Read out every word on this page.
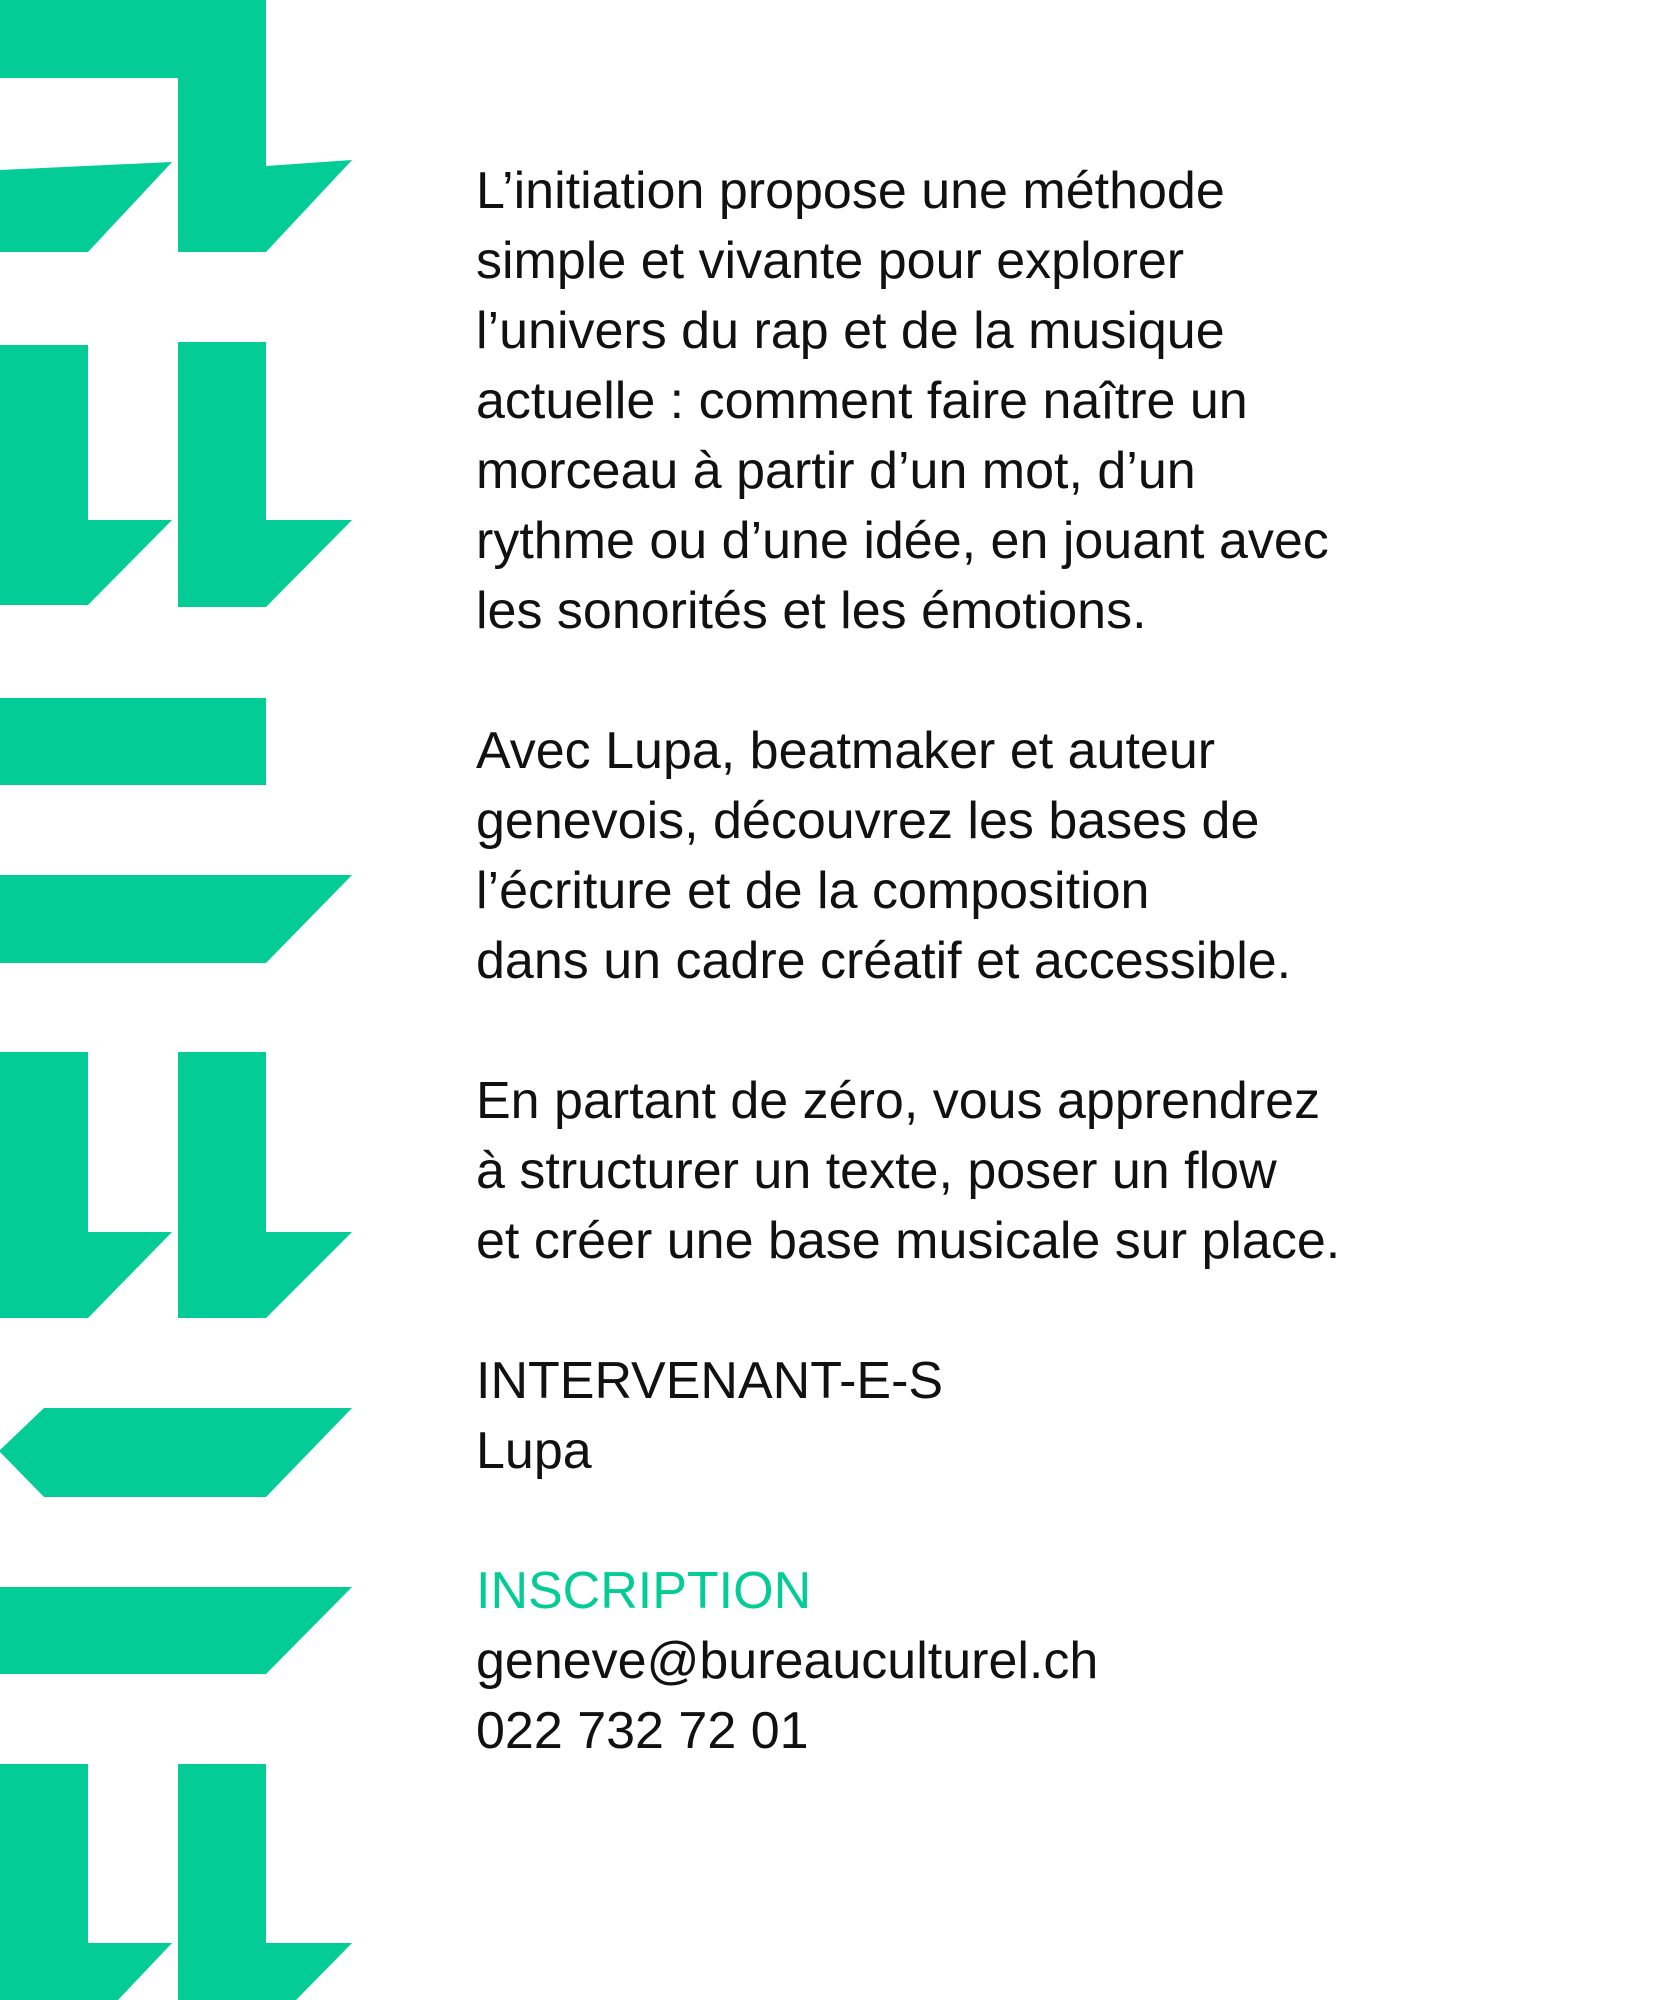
L’initiation propose une méthode
simple et vivante pour explorer
l’univers du rap et de la musique
actuelle : comment faire naître un
morceau à partir d’un mot, d’un
rythme ou d’une idée, en jouant avec
les sonorités et les émotions.

Avec Lupa, beatmaker et auteur
genevois, découvrez les bases de
l’écriture et de la composition
dans un cadre créatif et accessible.

En partant de zéro, vous apprendrez
à structurer un texte, poser un flow
et créer une base musicale sur place.

INTERVENANT-E-S
Lupa
INSCRIPTION
geneve@bureauculturel.ch
022 732 72 01
